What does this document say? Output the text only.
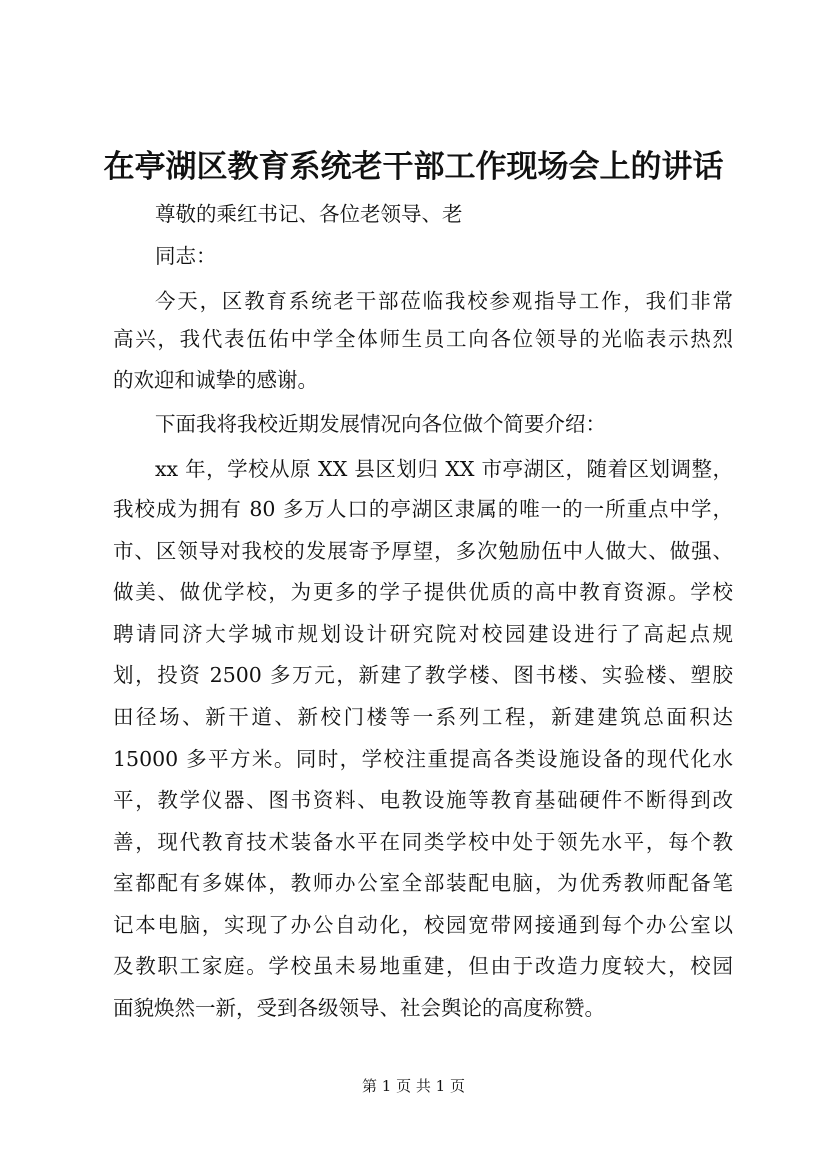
在亭湖区教育系统老干部工作现场会上的讲话

尊敬的乘红书记、各位老领导、老

同志：

今天，区教育系统老干部莅临我校参观指导工作，我们非常

高兴，我代表伍佑中学全体师生员工向各位领导的光临表示热烈

的欢迎和诚挚的感谢。

下面我将我校近期发展情况向各位做个简要介绍：

xx 年，学校从原 XX 县区划归 XX 市亭湖区，随着区划调整，

我校成为拥有 80 多万人口的亭湖区隶属的唯一的一所重点中学，

市、区领导对我校的发展寄予厚望，多次勉励伍中人做大、做强、

做美、做优学校，为更多的学子提供优质的高中教育资源。学校

聘请同济大学城市规划设计研究院对校园建设进行了高起点规

划，投资 2500 多万元，新建了教学楼、图书楼、实验楼、塑胶

田径场、新干道、新校门楼等一系列工程，新建建筑总面积达

15000 多平方米。同时，学校注重提高各类设施设备的现代化水

平，教学仪器、图书资料、电教设施等教育基础硬件不断得到改

善，现代教育技术装备水平在同类学校中处于领先水平，每个教

室都配有多媒体，教师办公室全部装配电脑，为优秀教师配备笔

记本电脑，实现了办公自动化，校园宽带网接通到每个办公室以

及教职工家庭。学校虽未易地重建，但由于改造力度较大，校园

面貌焕然一新，受到各级领导、社会舆论的高度称赞。

第 1 页 共 1 页
